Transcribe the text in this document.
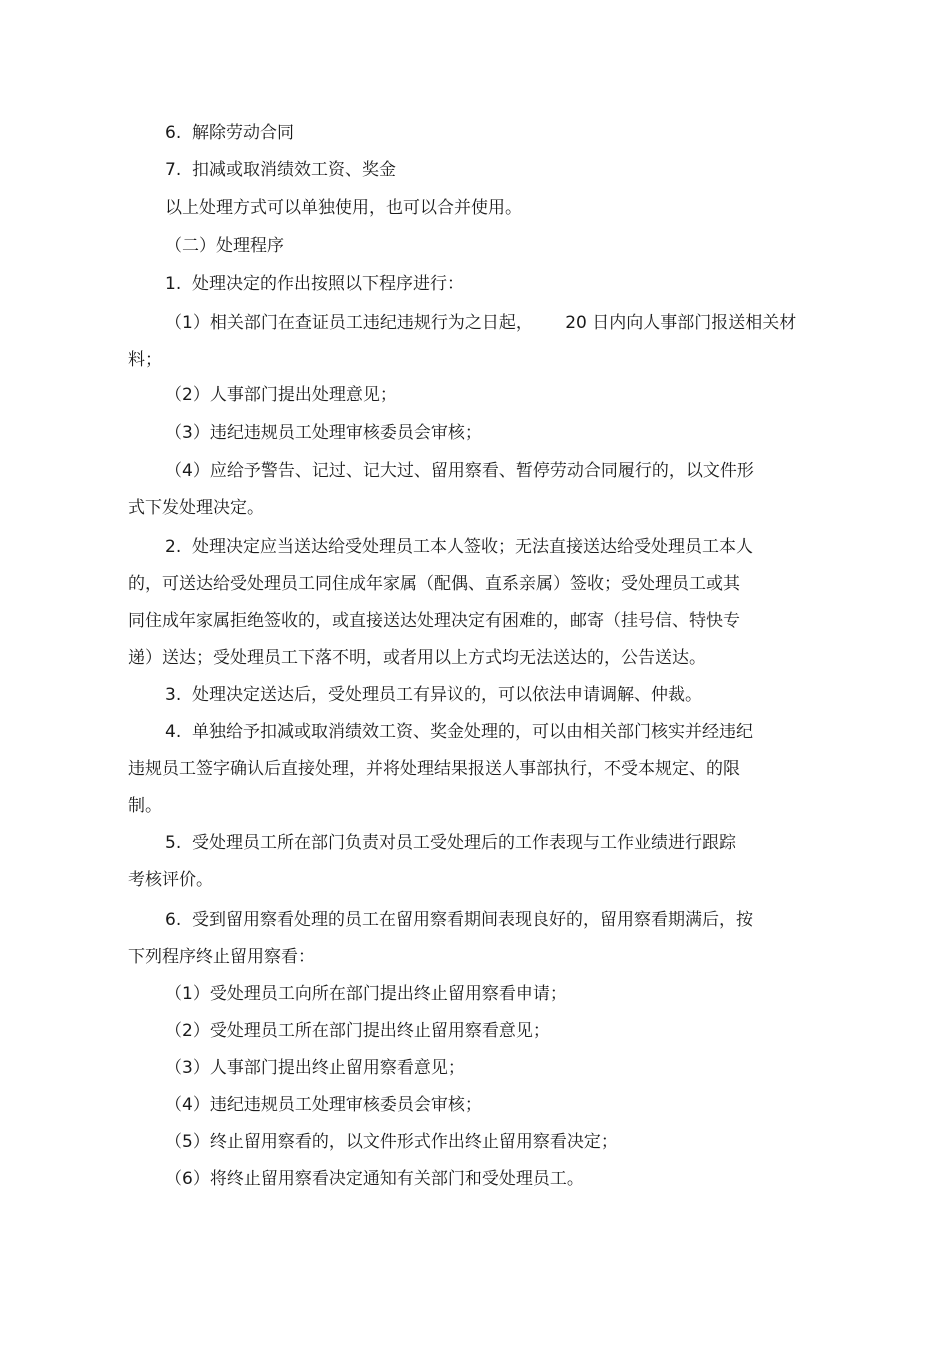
6.  解除劳动合同
7.  扣减或取消绩效工资、奖金
以上处理方式可以单独使用，也可以合并使用。
（二）处理程序
1.  处理决定的作出按照以下程序进行：
（1）相关部门在查证员工违纪违规行为之日起，      20 日内向人事部门报送相关材
料；
（2）人事部门提出处理意见；
（3）违纪违规员工处理审核委员会审核；
（4）应给予警告、记过、记大过、留用察看、暂停劳动合同履行的，以文件形
式下发处理决定。
2.  处理决定应当送达给受处理员工本人签收；无法直接送达给受处理员工本人
的，可送达给受处理员工同住成年家属（配偶、直系亲属）签收；受处理员工或其
同住成年家属拒绝签收的，或直接送达处理决定有困难的，邮寄（挂号信、特快专
递）送达；受处理员工下落不明，或者用以上方式均无法送达的，公告送达。
3.  处理决定送达后，受处理员工有异议的，可以依法申请调解、仲裁。
4.  单独给予扣减或取消绩效工资、奖金处理的，可以由相关部门核实并经违纪
违规员工签字确认后直接处理，并将处理结果报送人事部执行，不受本规定、的限
制。
5.  受处理员工所在部门负责对员工受处理后的工作表现与工作业绩进行跟踪
考核评价。
6.  受到留用察看处理的员工在留用察看期间表现良好的，留用察看期满后，按
下列程序终止留用察看：
（1）受处理员工向所在部门提出终止留用察看申请；
（2）受处理员工所在部门提出终止留用察看意见；
（3）人事部门提出终止留用察看意见；
（4）违纪违规员工处理审核委员会审核；
（5）终止留用察看的，以文件形式作出终止留用察看决定；
（6）将终止留用察看决定通知有关部门和受处理员工。
